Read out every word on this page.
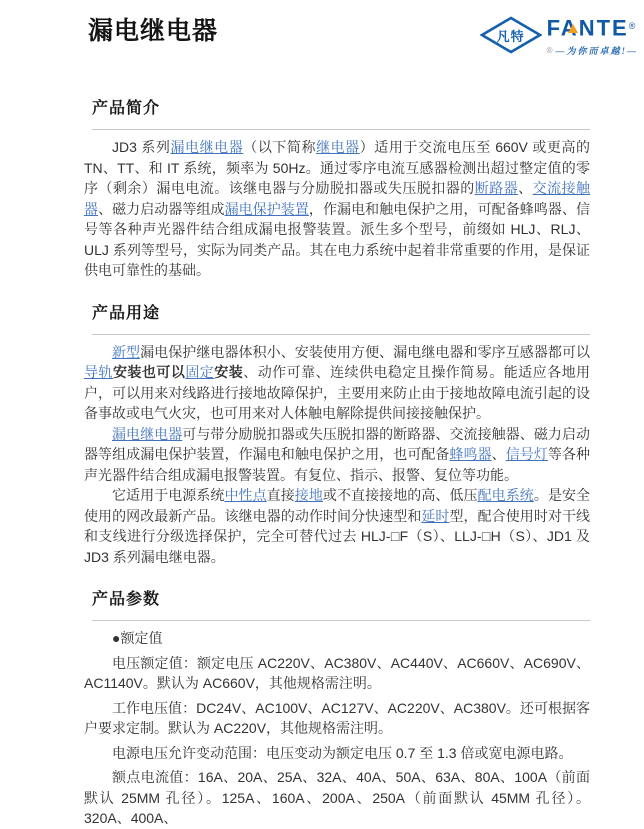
漏电继电器	凡特	FANTE®
® —为你而卓越!—
产品简介

JD3 系列漏电继电器（以下简称继电器）适用于交流电压至 660V 或更高的 TN、TT、和 IT 系统，频率为 50Hz。通过零序电流互感器检测出超过整定值的零序（剩余）漏电电流。该继电器与分励脱扣器或失压脱扣器的断路器、交流接触器、磁力启动器等组成漏电保护装置，作漏电和触电保护之用，可配备蜂鸣器、信号等各种声光器件结合组成漏电报警装置。派生多个型号，前缀如 HLJ、RLJ、ULJ 系列等型号，实际为同类产品。其在电力系统中起着非常重要的作用，是保证供电可靠性的基础。

产品用途

新型漏电保护继电器体积小、安装使用方便、漏电继电器和零序互感器都可以导轨安装也可以固定安装、动作可靠、连续供电稳定且操作简易。能适应各地用户，可以用来对线路进行接地故障保护，主要用来防止由于接地故障电流引起的设备事故或电气火灾，也可用来对人体触电解除提供间接接触保护。

漏电继电器可与带分励脱扣器或失压脱扣器的断路器、交流接触器、磁力启动器等组成漏电保护装置，作漏电和触电保护之用，也可配备蜂鸣器、信号灯等各种声光器件结合组成漏电报警装置。有复位、指示、报警、复位等功能。

它适用于电源系统中性点直接接地或不直接接地的高、低压配电系统。是安全使用的网改最新产品。该继电器的动作时间分快速型和延时型，配合使用时对干线和支线进行分级选择保护，完全可替代过去 HLJ-□F（S）、LLJ-□H（S）、JD1 及 JD3 系列漏电继电器。

产品参数

●额定值

电压额定值：额定电压 AC220V、AC380V、AC440V、AC660V、AC690V、AC1140V。默认为 AC660V，其他规格需注明。

工作电压值：DC24V、AC100V、AC127V、AC220V、AC380V。还可根据客户要求定制。默认为 AC220V，其他规格需注明。

电源电压允许变动范围：电压变动为额定电压 0.7 至 1.3 倍或宽电源电路。

额点电流值：16A、20A、25A、32A、40A、50A、63A、80A、100A（前面默认 25MM 孔径）。125A、160A、200A、250A（前面默认 45MM 孔径）。320A、400A、
